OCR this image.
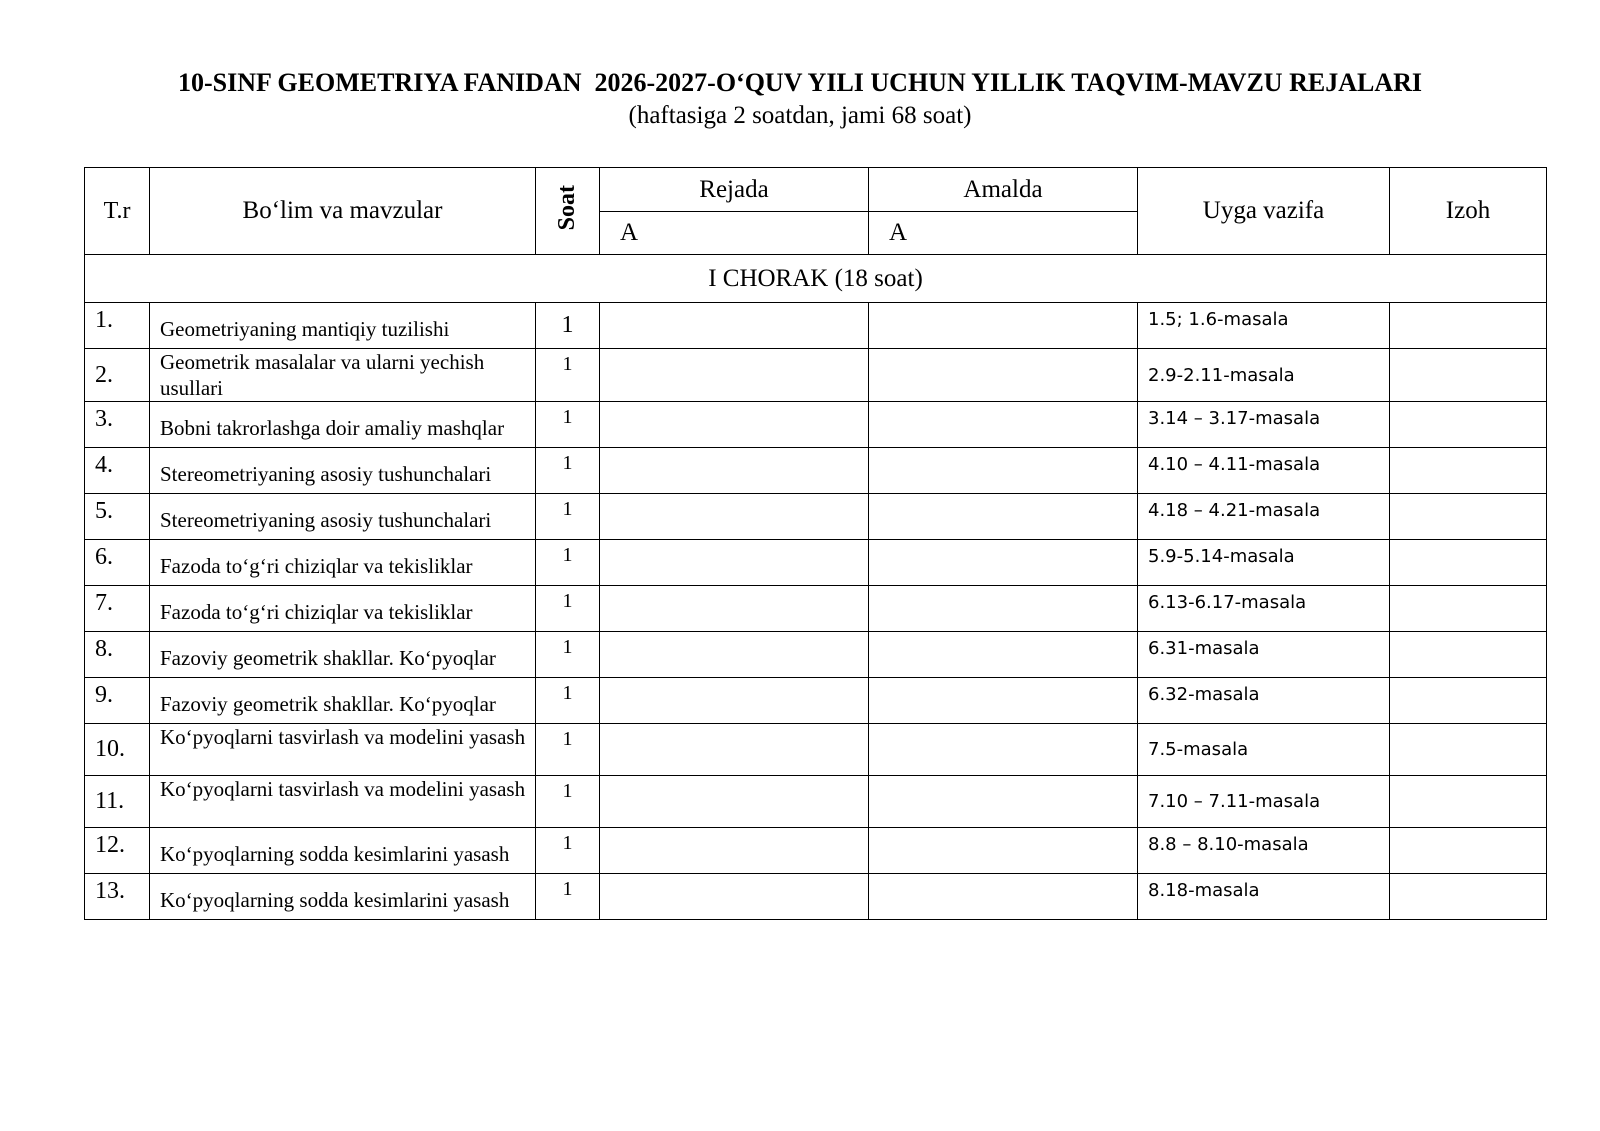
10-SINF GEOMETRIYA FANIDAN  2026-2027-O‘QUV YILI UCHUN YILLIK TAQVIM-MAVZU REJALARI
(haftasiga 2 soatdan, jami 68 soat)
T.r	Bo‘lim va mavzular	Soat	Rejada	Amalda	Uyga vazifa	Izoh
			A	A		
I CHORAK (18 soat)						
1.	Geometriyaning mantiqiy tuzilishi	1			1.5; 1.6-masala	
2.	Geometrik masalalar va ularni yechish usullari	1			2.9-2.11-masala	
3.	Bobni takrorlashga doir amaliy mashqlar	1			3.14 – 3.17-masala	
4.	Stereometriyaning asosiy tushunchalari	1			4.10 – 4.11-masala	
5.	Stereometriyaning asosiy tushunchalari	1			4.18 – 4.21-masala	
6.	Fazoda to‘g‘ri chiziqlar va tekisliklar	1			5.9-5.14-masala	
7.	Fazoda to‘g‘ri chiziqlar va tekisliklar	1			6.13-6.17-masala	
8.	Fazoviy geometrik shakllar. Ko‘pyoqlar	1			6.31-masala	
9.	Fazoviy geometrik shakllar. Ko‘pyoqlar	1			6.32-masala	
10.	Ko‘pyoqlarni tasvirlash va modelini yasash	1			7.5-masala	
11.	Ko‘pyoqlarni tasvirlash va modelini yasash	1			7.10 – 7.11-masala	
12.	Ko‘pyoqlarning sodda kesimlarini yasash	1			8.8 – 8.10-masala	
13.	Ko‘pyoqlarning sodda kesimlarini yasash	1			8.18-masala	
